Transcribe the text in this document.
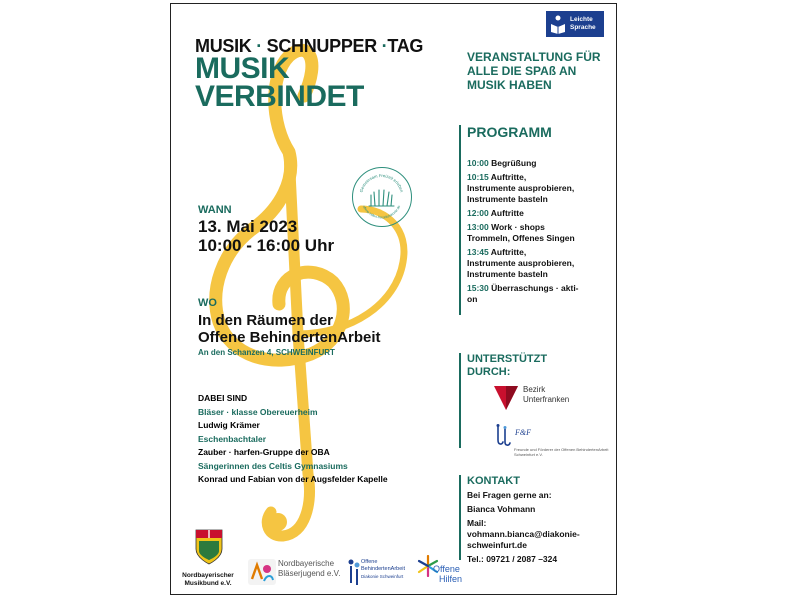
Leichte Sprache
MUSIK · SCHNUPPER ·TAG
MUSIK
VERBINDET
VERANSTALTUNG FÜR ALLE DIE SPAß AN MUSIK HABEN
Gemeinsam Freizeit erleben
offene-hilfen-freizeitdiakonie.de
WANN
13. Mai 2023
10:00 - 16:00 Uhr
WO
In den Räumen der
Offene BehindertenArbeit
An den Schanzen 4, SCHWEINFURT
DABEI SIND
Bläser · klasse Obereuerheim
Ludwig Krämer
Eschenbachtaler
Zauber · harfen-Gruppe der OBA
Sängerinnen des Celtis Gymnasiums
Konrad und Fabian von der Augsfelder Kapelle
PROGRAMM
10:00 Begrüßung
10:15 Auftritte,
Instrumente ausprobieren,
Instrumente basteln
12:00 Auftritte
13:00 Work · shops
Trommeln, Offenes Singen
13:45 Auftritte,
Instrumente ausprobieren,
Instrumente basteln
15:30 Überraschungs · akti-
on
UNTERSTÜTZT
DURCH:
Bezirk
Unterfranken
F&F
Freunde und Förderer der Offenen BehindertenArbeit Schweinfurt e.V.
KONTAKT
Bei Fragen gerne an:
Bianca Vohmann
Mail:
vohmann.bianca@diakonie-
schweinfurt.de
Tel.: 09721 / 2087 –324
Nordbayerischer
Musikbund e.V.
Nordbayerische
Bläserjugend e.V.
Offene
BehindertenArbeit
Diakonie Schweinfurt
Offene
Hilfen
